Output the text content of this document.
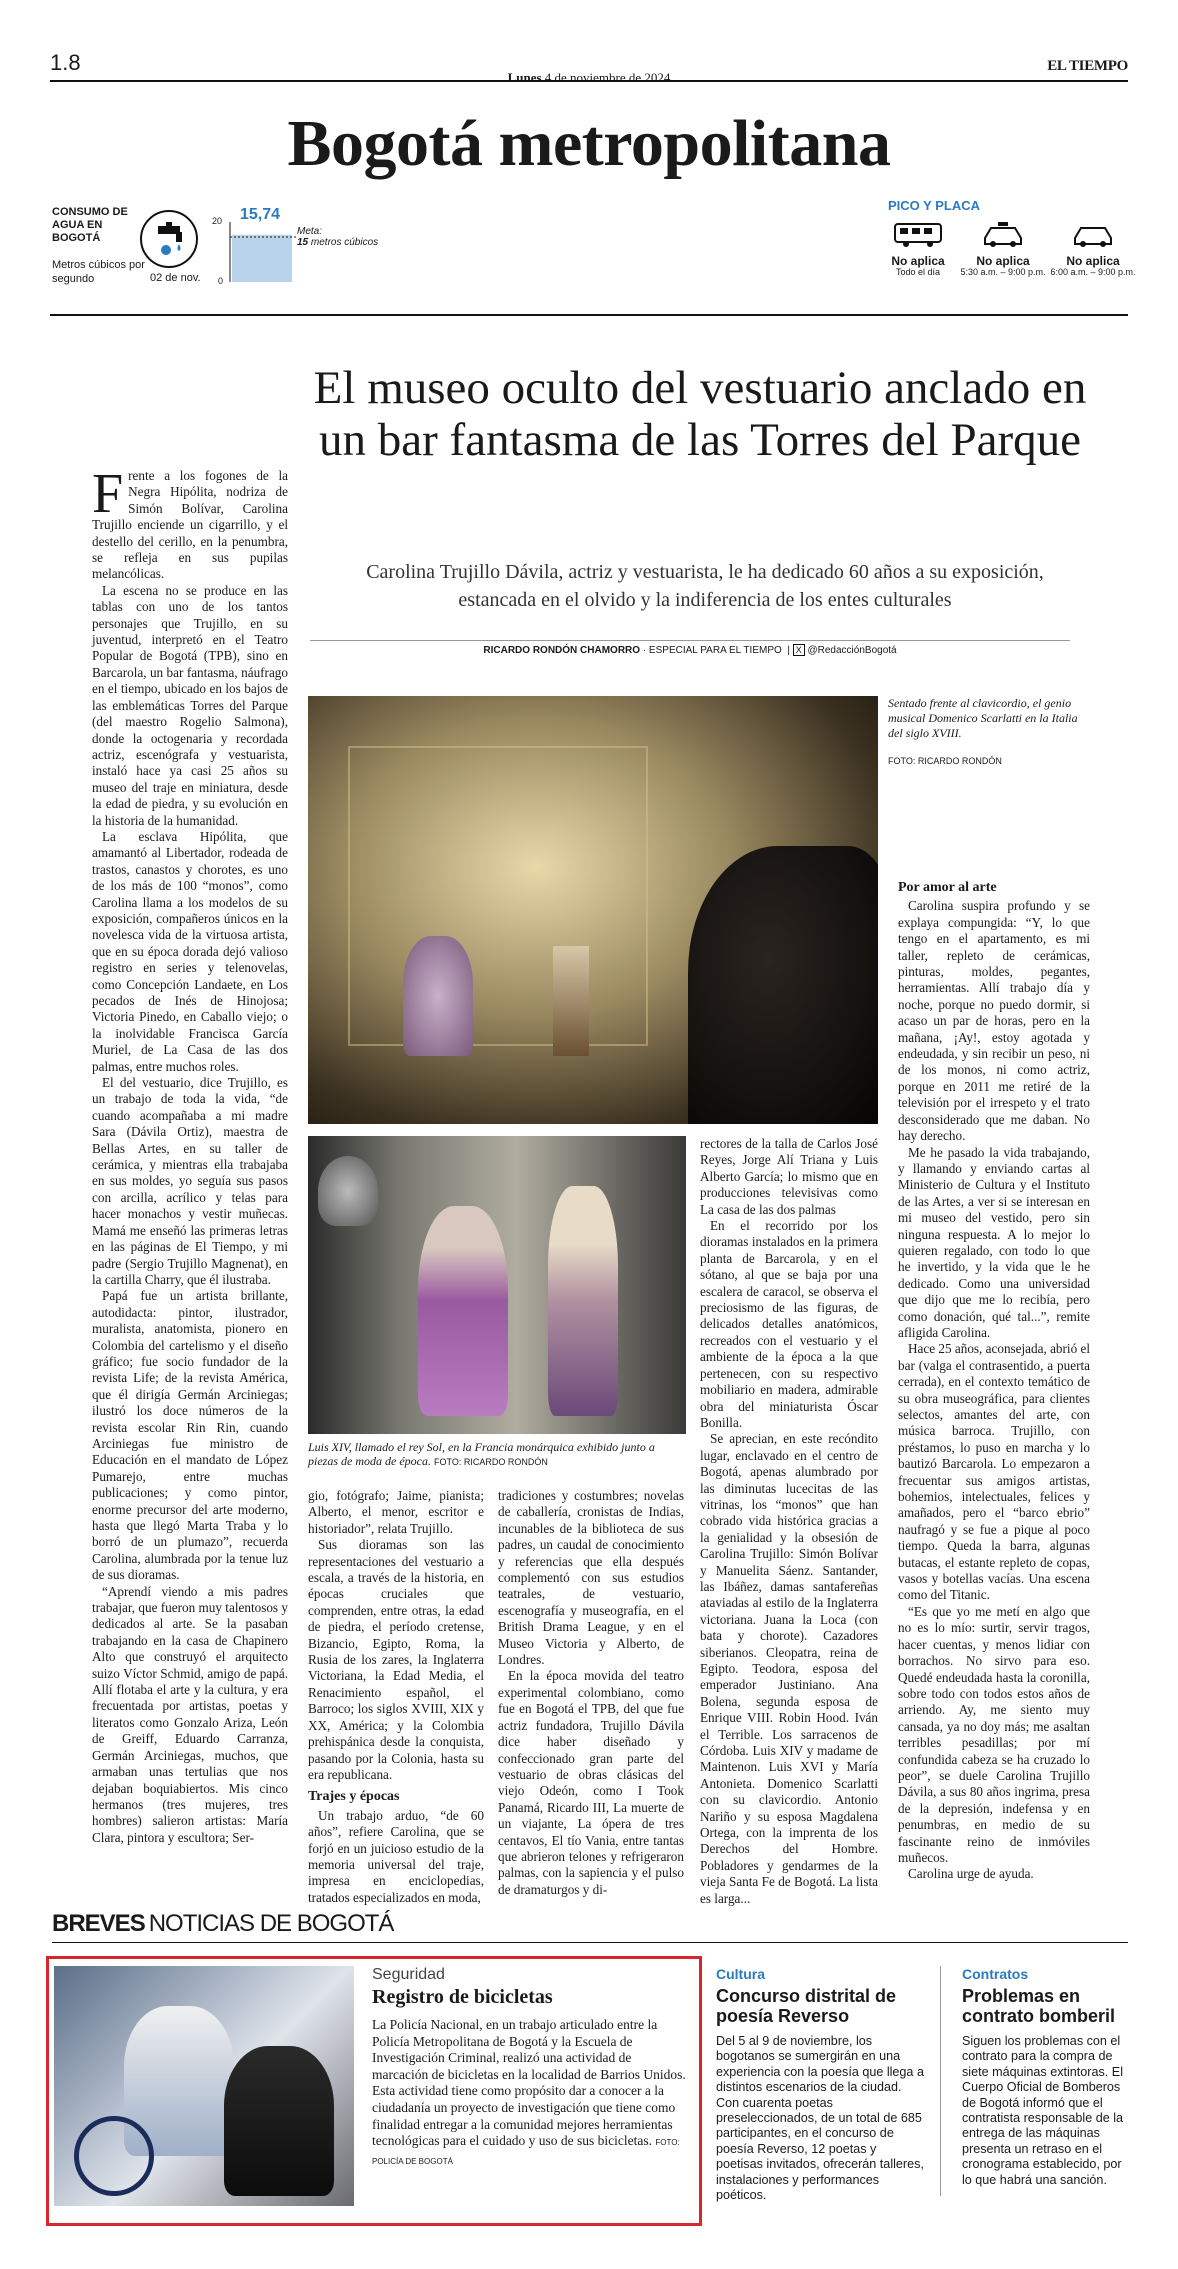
1.8
Lunes 4 de noviembre de 2024
EL TIEMPO
Bogotá metropolitana
CONSUMO DE AGUA EN BOGOTÁ
Metros cúbicos por segundo	02 de nov.
15,74
20
0
Meta:
15 metros cúbicos
PICO Y PLACA
No aplica
Todo el día
No aplica
5:30 a.m. – 9:00 p.m.
No aplica
6:00 a.m. – 9:00 p.m.
El museo oculto del vestuario anclado en un bar fantasma de las Torres del Parque
Carolina Trujillo Dávila, actriz y vestuarista, le ha dedicado 60 años a su exposición, estancada en el olvido y la indiferencia de los entes culturales
RICARDO RONDÓN CHAMORRO · ESPECIAL PARA EL TIEMPO  | X @RedacciónBogotá
F rente a los fogones de la Negra Hipólita, nodriza de Simón Bolívar, Carolina Trujillo enciende un cigarrillo, y el destello del cerillo, en la penumbra, se refleja en sus pupilas melancólicas.

La escena no se produce en las tablas con uno de los tantos personajes que Trujillo, en su juventud, interpretó en el Teatro Popular de Bogotá (TPB), sino en Barcarola, un bar fantasma, náufrago en el tiempo, ubicado en los bajos de las emblemáticas Torres del Parque (del maestro Rogelio Salmona), donde la octogenaria y recordada actriz, escenógrafa y vestuarista, instaló hace ya casi 25 años su museo del traje en miniatura, desde la edad de piedra, y su evolución en la historia de la humanidad.

La esclava Hipólita, que amamantó al Libertador, rodeada de trastos, canastos y chorotes, es uno de los más de 100 “monos”, como Carolina llama a los modelos de su exposición, compañeros únicos en la novelesca vida de la virtuosa artista, que en su época dorada dejó valioso registro en series y telenovelas, como Concepción Landaete, en Los pecados de Inés de Hinojosa; Victoria Pinedo, en Caballo viejo; o la inolvidable Francisca García Muriel, de La Casa de las dos palmas, entre muchos roles.

El del vestuario, dice Trujillo, es un trabajo de toda la vida, “de cuando acompañaba a mi madre Sara (Dávila Ortiz), maestra de Bellas Artes, en su taller de cerámica, y mientras ella trabajaba en sus moldes, yo seguía sus pasos con arcilla, acrílico y telas para hacer monachos y vestir muñecas. Mamá me enseñó las primeras letras en las páginas de El Tiempo, y mi padre (Sergio Trujillo Magnenat), en la cartilla Charry, que él ilustraba.

Papá fue un artista brillante, autodidacta: pintor, ilustrador, muralista, anatomista, pionero en Colombia del cartelismo y el diseño gráfico; fue socio fundador de la revista Life; de la revista América, que él dirigía Germán Arciniegas; ilustró los doce números de la revista escolar Rin Rin, cuando Arciniegas fue ministro de Educación en el mandato de López Pumarejo, entre muchas publicaciones; y como pintor, enorme precursor del arte moderno, hasta que llegó Marta Traba y lo borró de un plumazo”, recuerda Carolina, alumbrada por la tenue luz de sus dioramas.

“Aprendí viendo a mis padres trabajar, que fueron muy talentosos y dedicados al arte. Se la pasaban trabajando en la casa de Chapinero Alto que construyó el arquitecto suizo Víctor Schmid, amigo de papá. Allí flotaba el arte y la cultura, y era frecuentada por artistas, poetas y literatos como Gonzalo Ariza, León de Greiff, Eduardo Carranza, Germán Arciniegas, muchos, que armaban unas tertulias que nos dejaban boquiabiertos. Mis cinco hermanos (tres mujeres, tres hombres) salieron artistas: María Clara, pintora y escultora; Ser-

Sentado frente al clavicordio, el genio musical Domenico Scarlatti en la Italia del siglo XVIII.
FOTO: RICARDO RONDÓN
Luis XIV, llamado el rey Sol, en la Francia monárquica exhibido junto a piezas de moda de época. FOTO: RICARDO RONDÓN

gio, fotógrafo; Jaime, pianista; Alberto, el menor, escritor e historiador”, relata Trujillo.

Sus dioramas son las representaciones del vestuario a escala, a través de la historia, en épocas cruciales que comprenden, entre otras, la edad de piedra, el período cretense, Bizancio, Egipto, Roma, la Rusia de los zares, la Inglaterra Victoriana, la Edad Media, el Renacimiento español, el Barroco; los siglos XVIII, XIX y XX, América; y la Colombia prehispánica desde la conquista, pasando por la Colonia, hasta su era republicana.

Trajes y épocas

Un trabajo arduo, “de 60 años”, refiere Carolina, que se forjó en un juicioso estudio de la memoria universal del traje, impresa en enciclopedias, tratados especializados en moda,

tradiciones y costumbres; novelas de caballería, cronistas de Indias, incunables de la biblioteca de sus padres, un caudal de conocimiento y referencias que ella después complementó con sus estudios teatrales, de vestuario, escenografía y museografía, en el British Drama League, y en el Museo Victoria y Alberto, de Londres.

En la época movida del teatro experimental colombiano, como fue en Bogotá el TPB, del que fue actriz fundadora, Trujillo Dávila dice haber diseñado y confeccionado gran parte del vestuario de obras clásicas del viejo Odeón, como I Took Panamá, Ricardo III, La muerte de un viajante, La ópera de tres centavos, El tío Vania, entre tantas que abrieron telones y refrigeraron palmas, con la sapiencia y el pulso de dramaturgos y di-

rectores de la talla de Carlos José Reyes, Jorge Alí Triana y Luis Alberto García; lo mismo que en producciones televisivas como La casa de las dos palmas

En el recorrido por los dioramas instalados en la primera planta de Barcarola, y en el sótano, al que se baja por una escalera de caracol, se observa el preciosismo de las figuras, de delicados detalles anatómicos, recreados con el vestuario y el ambiente de la época a la que pertenecen, con su respectivo mobiliario en madera, admirable obra del miniaturista Óscar Bonilla.

Se aprecian, en este recóndito lugar, enclavado en el centro de Bogotá, apenas alumbrado por las diminutas lucecitas de las vitrinas, los “monos” que han cobrado vida histórica gracias a la genialidad y la obsesión de Carolina Trujillo: Simón Bolívar y Manuelita Sáenz. Santander, las Ibáñez, damas santafereñas ataviadas al estilo de la Inglaterra victoriana. Juana la Loca (con bata y chorote). Cazadores siberianos. Cleopatra, reina de Egipto. Teodora, esposa del emperador Justiniano. Ana Bolena, segunda esposa de Enrique VIII. Robin Hood. Iván el Terrible. Los sarracenos de Córdoba. Luis XIV y madame de Maintenon. Luis XVI y María Antonieta. Domenico Scarlatti con su clavicordio. Antonio Nariño y su esposa Magdalena Ortega, con la imprenta de los Derechos del Hombre. Pobladores y gendarmes de la vieja Santa Fe de Bogotá. La lista es larga...

Por amor al arte

Carolina suspira profundo y se explaya compungida: “Y, lo que tengo en el apartamento, es mi taller, repleto de cerámicas, pinturas, moldes, pegantes, herramientas. Allí trabajo día y noche, porque no puedo dormir, si acaso un par de horas, pero en la mañana, ¡Ay!, estoy agotada y endeudada, y sin recibir un peso, ni de los monos, ni como actriz, porque en 2011 me retiré de la televisión por el irrespeto y el trato desconsiderado que me daban. No hay derecho.

Me he pasado la vida trabajando, y llamando y enviando cartas al Ministerio de Cultura y el Instituto de las Artes, a ver si se interesan en mi museo del vestido, pero sin ninguna respuesta. A lo mejor lo quieren regalado, con todo lo que he invertido, y la vida que le he dedicado. Como una universidad que dijo que me lo recibía, pero como donación, qué tal...”, remite afligida Carolina.

Hace 25 años, aconsejada, abrió el bar (valga el contrasentido, a puerta cerrada), en el contexto temático de su obra museográfica, para clientes selectos, amantes del arte, con música barroca. Trujillo, con préstamos, lo puso en marcha y lo bautizó Barcarola. Lo empezaron a frecuentar sus amigos artistas, bohemios, intelectuales, felices y amañados, pero el “barco ebrio” naufragó y se fue a pique al poco tiempo. Queda la barra, algunas butacas, el estante repleto de copas, vasos y botellas vacías. Una escena como del Titanic.

“Es que yo me metí en algo que no es lo mío: surtir, servir tragos, hacer cuentas, y menos lidiar con borrachos. No sirvo para eso. Quedé endeudada hasta la coronilla, sobre todo con todos estos años de arriendo. Ay, me siento muy cansada, ya no doy más; me asaltan terribles pesadillas; por mí confundida cabeza se ha cruzado lo peor”, se duele Carolina Trujillo Dávila, a sus 80 años ingrima, presa de la depresión, indefensa y en penumbras, en medio de su fascinante reino de inmóviles muñecos.

Carolina urge de ayuda.

BREVES NOTICIAS DE BOGOTÁ
Seguridad
Registro de bicicletas
La Policía Nacional, en un trabajo articulado entre la Policía Metropolitana de Bogotá y la Escuela de Investigación Criminal, realizó una actividad de marcación de bicicletas en la localidad de Barrios Unidos.
Esta actividad tiene como propósito dar a conocer a la ciudadanía un proyecto de investigación que tiene como finalidad entregar a la comunidad mejores herramientas tecnológicas para el cuidado y uso de sus bicicletas. FOTO: POLICÍA DE BOGOTÁ
Cultura
Concurso distrital de poesía Reverso
Del 5 al 9 de noviembre, los bogotanos se sumergirán en una experiencia con la poesía que llega a distintos escenarios de la ciudad. Con cuarenta poetas preseleccionados, de un total de 685 participantes, en el concurso de poesía Reverso, 12 poetas y poetisas invitados, ofrecerán talleres, instalaciones y performances poéticos.
Contratos
Problemas en contrato bomberil
Siguen los problemas con el contrato para la compra de siete máquinas extintoras. El Cuerpo Oficial de Bomberos de Bogotá informó que el contratista responsable de la entrega de las máquinas presenta un retraso en el cronograma establecido, por lo que habrá una sanción.
